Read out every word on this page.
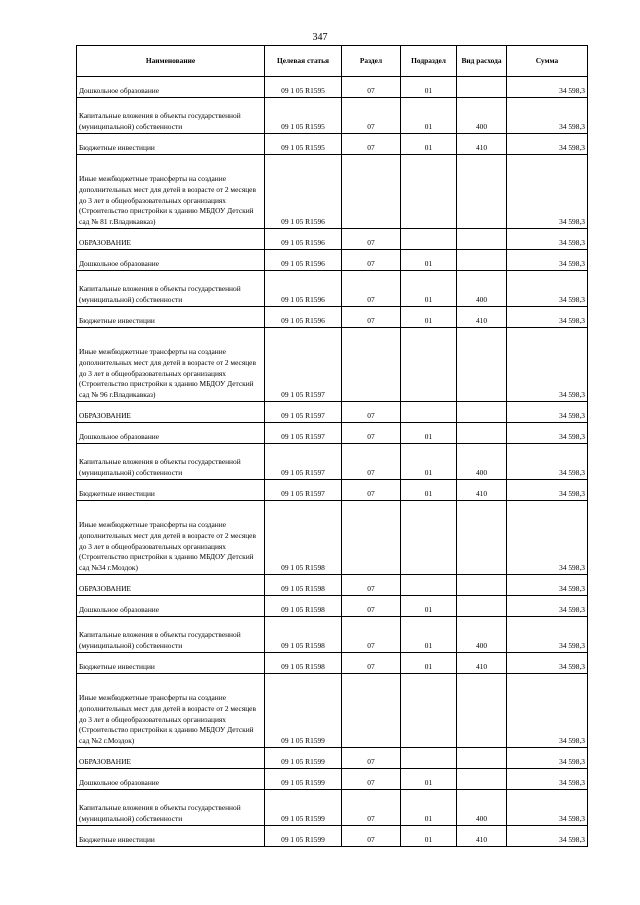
347
Наименование	Целевая статья	Раздел	Подраздел	Вид расхода	Сумма
Дошкольное образование	09 1 05 R1595	07	01		34 598,3
Капитальные вложения в объекты государственной (муниципальной) собственности	09 1 05 R1595	07	01	400	34 598,3
Бюджетные инвестиции	09 1 05 R1595	07	01	410	34 598,3
Иные межбюджетные трансферты на создание дополнительных мест для детей в возрасте от 2 месяцев до 3 лет в общеобразовательных организациях (Строительство пристройки к зданию МБДОУ Детский сад № 81 г.Владикавказ)	09 1 05 R1596				34 598,3
ОБРАЗОВАНИЕ	09 1 05 R1596	07			34 598,3
Дошкольное образование	09 1 05 R1596	07	01		34 598,3
Капитальные вложения в объекты государственной (муниципальной) собственности	09 1 05 R1596	07	01	400	34 598,3
Бюджетные инвестиции	09 1 05 R1596	07	01	410	34 598,3
Иные межбюджетные трансферты на создание дополнительных мест для детей в возрасте от 2 месяцев до 3 лет в общеобразовательных организациях (Строительство пристройки к зданию МБДОУ Детский сад № 96 г.Владикавказ)	09 1 05 R1597				34 598,3
ОБРАЗОВАНИЕ	09 1 05 R1597	07			34 598,3
Дошкольное образование	09 1 05 R1597	07	01		34 598,3
Капитальные вложения в объекты государственной (муниципальной) собственности	09 1 05 R1597	07	01	400	34 598,3
Бюджетные инвестиции	09 1 05 R1597	07	01	410	34 598,3
Иные межбюджетные трансферты на создание дополнительных мест для детей в возрасте от 2 месяцев до 3 лет в общеобразовательных организациях (Строительство пристройки к зданию МБДОУ Детский сад №34 г.Моздок)	09 1 05 R1598				34 598,3
ОБРАЗОВАНИЕ	09 1 05 R1598	07			34 598,3
Дошкольное образование	09 1 05 R1598	07	01		34 598,3
Капитальные вложения в объекты государственной (муниципальной) собственности	09 1 05 R1598	07	01	400	34 598,3
Бюджетные инвестиции	09 1 05 R1598	07	01	410	34 598,3
Иные межбюджетные трансферты на создание дополнительных мест для детей в возрасте от 2 месяцев до 3 лет в общеобразовательных организациях (Строительство пристройки к зданию МБДОУ Детский сад №2 г.Моздок)	09 1 05 R1599				34 598,3
ОБРАЗОВАНИЕ	09 1 05 R1599	07			34 598,3
Дошкольное образование	09 1 05 R1599	07	01		34 598,3
Капитальные вложения в объекты государственной (муниципальной) собственности	09 1 05 R1599	07	01	400	34 598,3
Бюджетные инвестиции	09 1 05 R1599	07	01	410	34 598,3
